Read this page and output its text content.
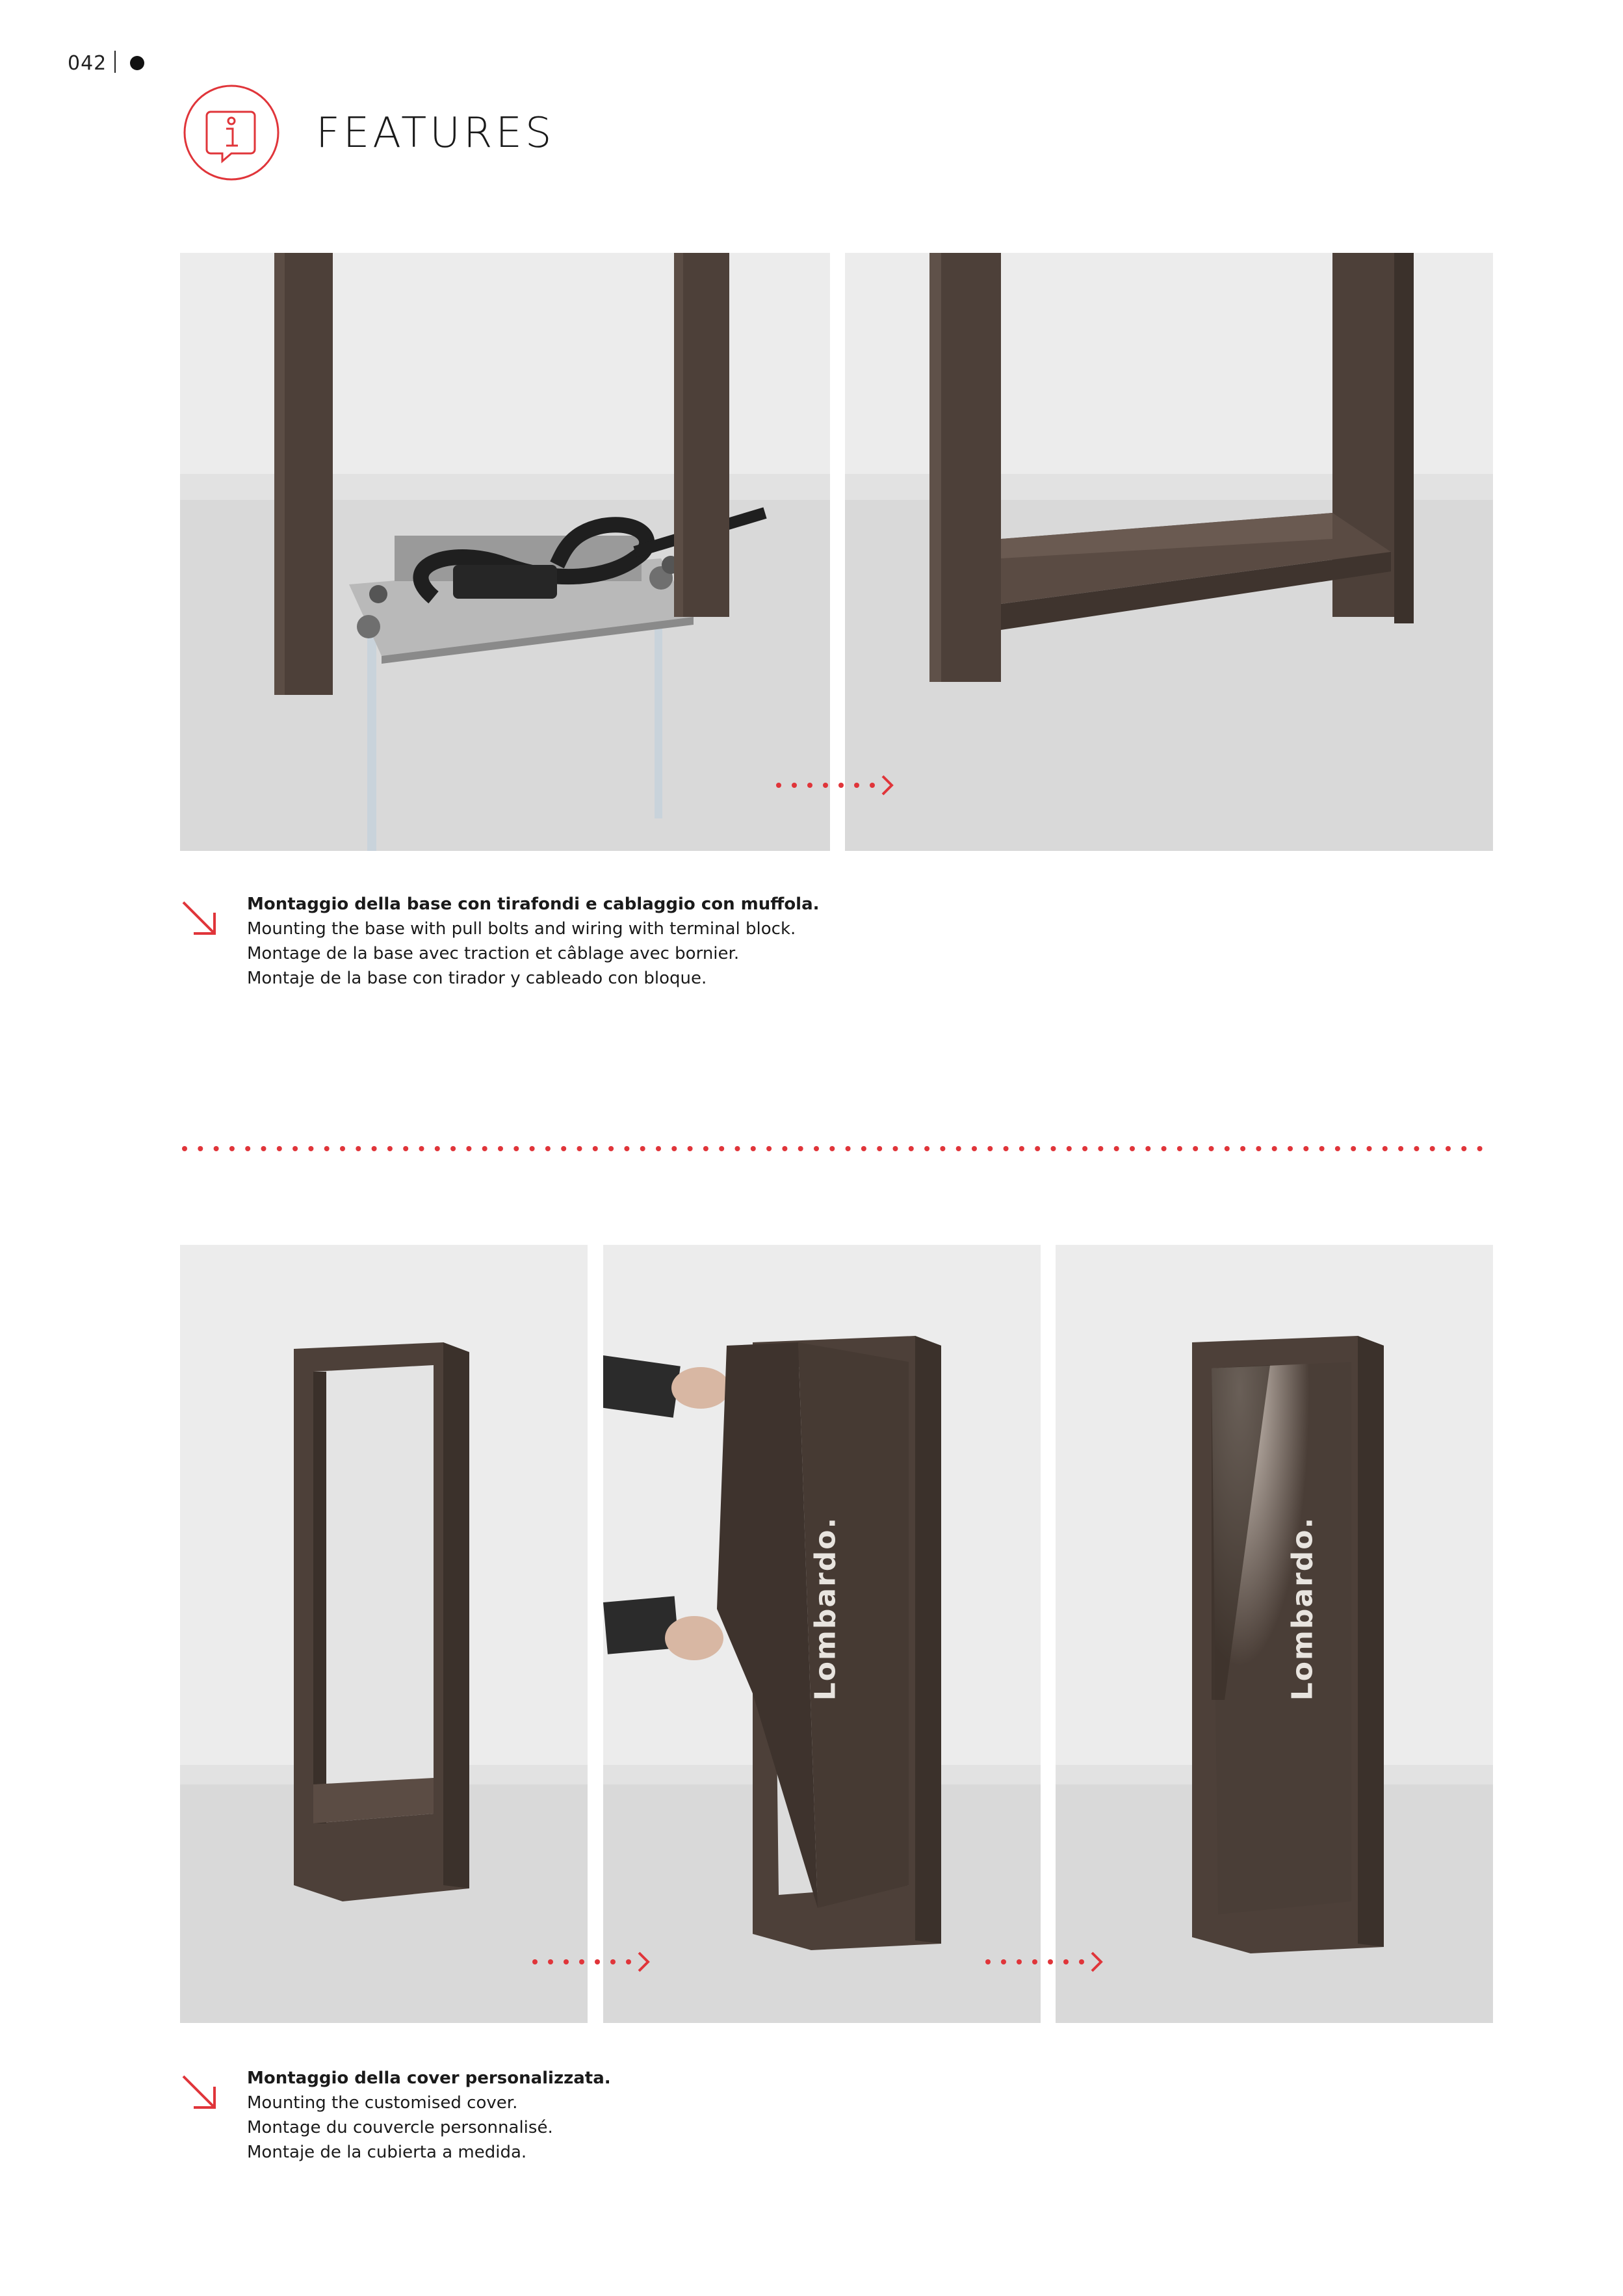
042
FEATURES
Montaggio della base con tirafondi e cablaggio con muffola.
Mounting the base with pull bolts and wiring with terminal block.
Montage de la base avec traction et câblage avec bornier.
Montaje de la base con tirador y cableado con bloque.
Lombardo.	Lombardo.
Montaggio della cover personalizzata.
Mounting the customised cover.
Montage du couvercle personnalisé.
Montaje de la cubierta a medida.
